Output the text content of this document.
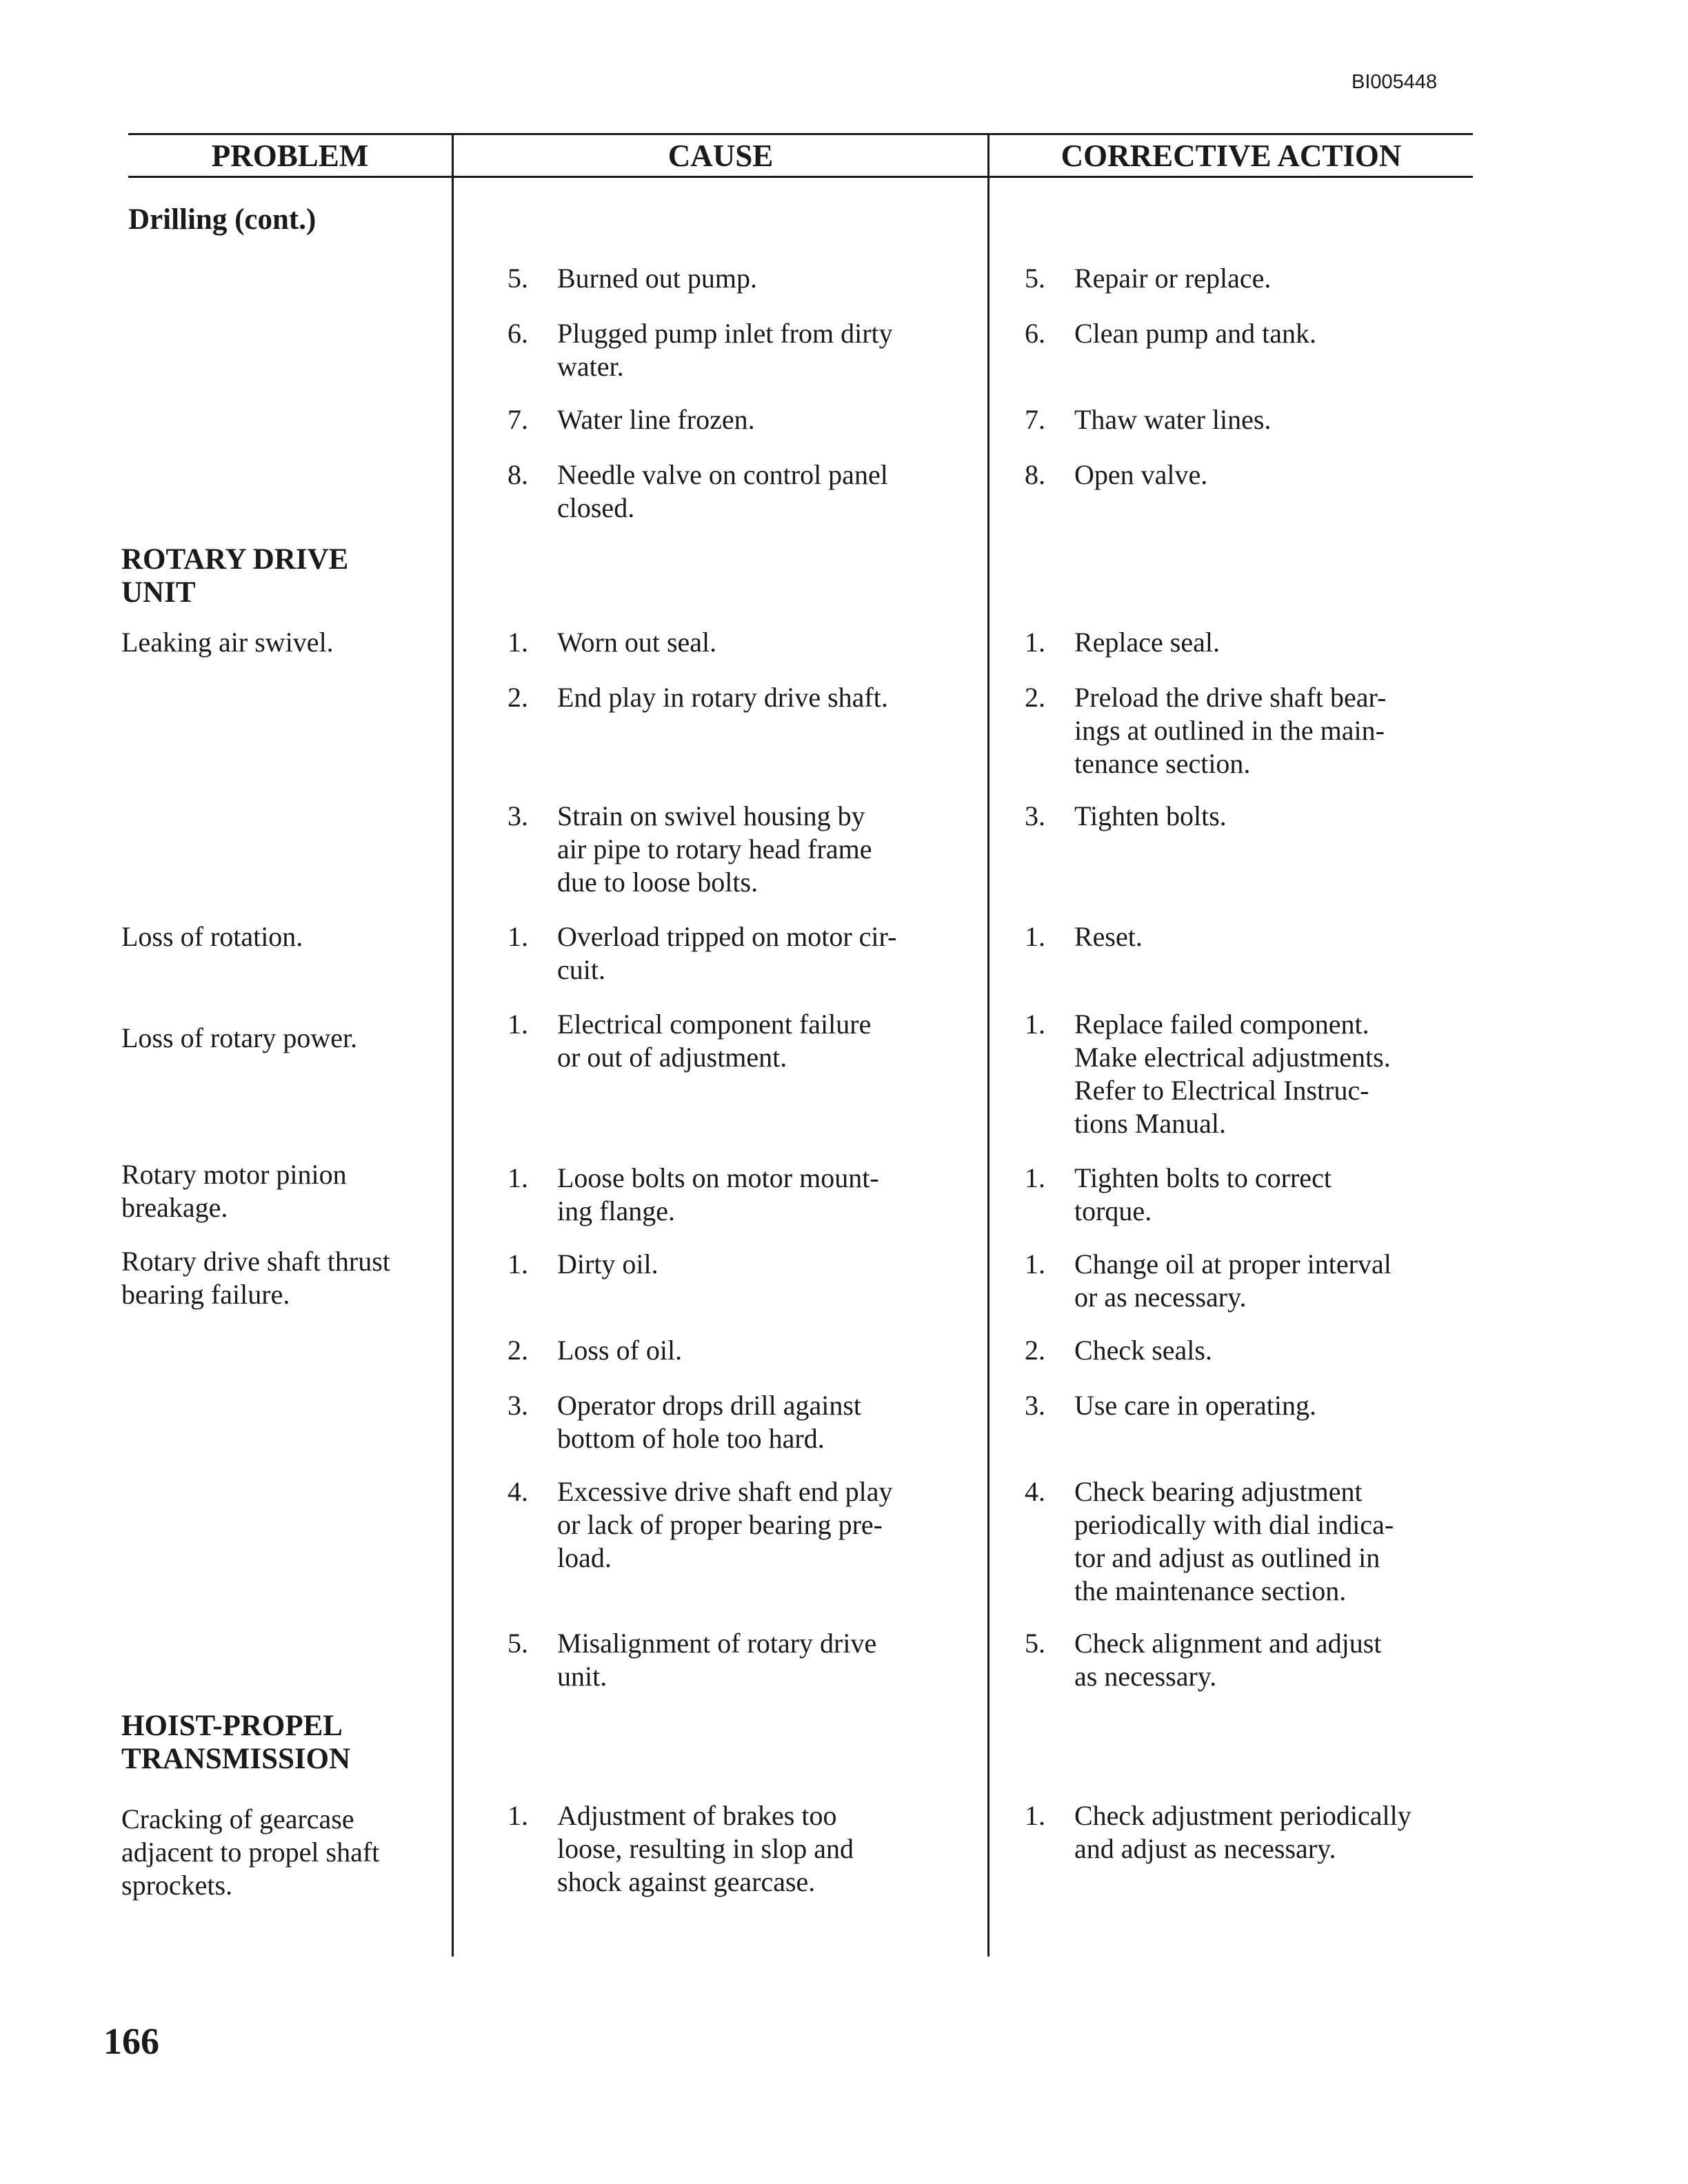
BI005448
PROBLEM	CAUSE	CORRECTIVE ACTION
Drilling (cont.)
ROTARY DRIVE
UNIT
Leaking air swivel.
Loss of rotation.
Loss of rotary power.
Rotary motor pinion
breakage.
Rotary drive shaft thrust
bearing failure.
HOIST-PROPEL
TRANSMISSION
Cracking of gearcase
adjacent to propel shaft
sprockets.
5. Burned out pump.
6. Plugged pump inlet from dirty
water.
7. Water line frozen.
8. Needle valve on control panel
closed.
1. Worn out seal.
2. End play in rotary drive shaft.
3. Strain on swivel housing by
air pipe to rotary head frame
due to loose bolts.
1. Overload tripped on motor cir-
cuit.
1. Electrical component failure
or out of adjustment.
1. Loose bolts on motor mount-
ing flange.
1. Dirty oil.
2. Loss of oil.
3. Operator drops drill against
bottom of hole too hard.
4. Excessive drive shaft end play
or lack of proper bearing pre-
load.
5. Misalignment of rotary drive
unit.
1. Adjustment of brakes too
loose, resulting in slop and
shock against gearcase.
5. Repair or replace.
6. Clean pump and tank.
7. Thaw water lines.
8. Open valve.
1. Replace seal.
2. Preload the drive shaft bear-
ings at outlined in the main-
tenance section.
3. Tighten bolts.
1. Reset.
1. Replace failed component.
Make electrical adjustments.
Refer to Electrical Instruc-
tions Manual.
1. Tighten bolts to correct
torque.
1. Change oil at proper interval
or as necessary.
2. Check seals.
3. Use care in operating.
4. Check bearing adjustment
periodically with dial indica-
tor and adjust as outlined in
the maintenance section.
5. Check alignment and adjust
as necessary.
1. Check adjustment periodically
and adjust as necessary.
166
